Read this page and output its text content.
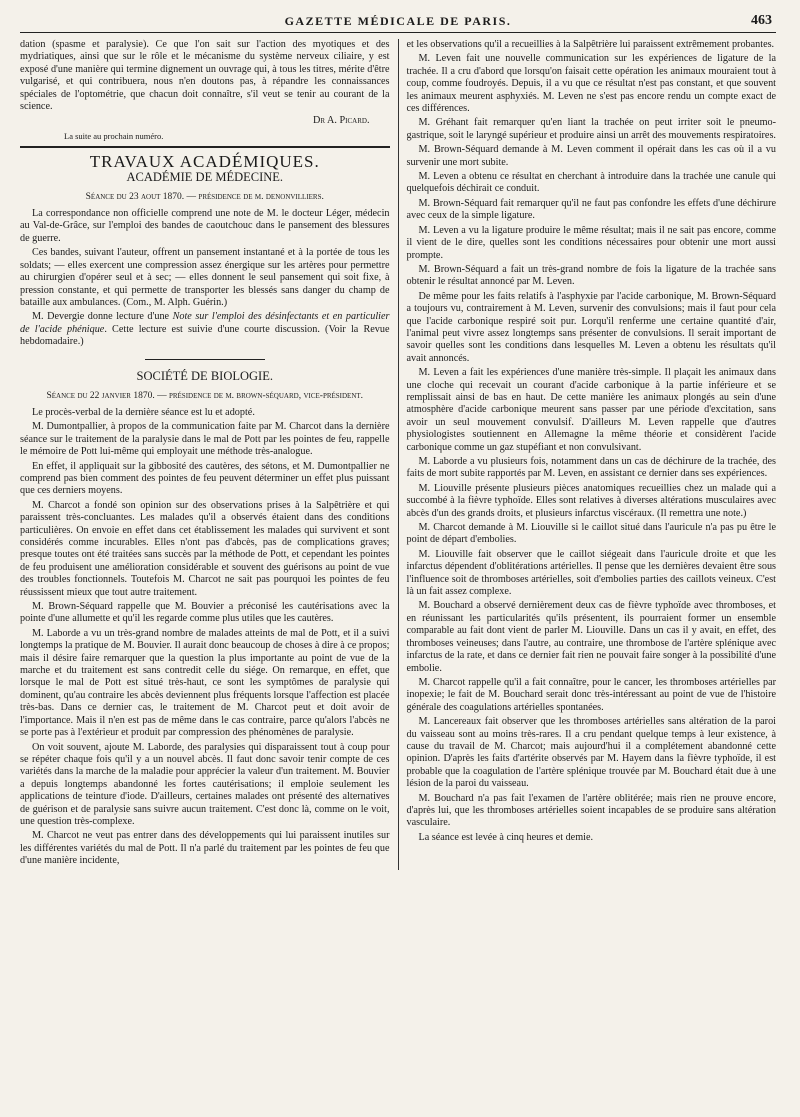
GAZETTE MÉDICALE DE PARIS.	463

dation (spasme et paralysie). Ce que l'on sait sur l'action des myotiques et des mydriatiques, ainsi que sur le rôle et le mécanisme du système nerveux ciliaire, y est exposé d'une manière qui termine dignement un ouvrage qui, à tous les titres, mérite d'être vulgarisé, et qui contribuera, nous n'en doutons pas, à répandre les connaissances spéciales de l'optométrie, que chacun doit connaître, s'il veut se tenir au courant de la science.

Dr A. Picard.
La suite au prochain numéro.
TRAVAUX ACADÉMIQUES.
ACADÉMIE DE MÉDECINE.
Séance du 23 aout 1870. — présidence de m. denonvilliers.

La correspondance non officielle comprend une note de M. le docteur Léger, médecin au Val-de-Grâce, sur l'emploi des bandes de caoutchouc dans le pansement des blessures de guerre.

Ces bandes, suivant l'auteur, offrent un pansement instantané et à la portée de tous les soldats; — elles exercent une compression assez énergique sur les artères pour permettre au chirurgien d'opérer seul et à sec; — elles donnent le seul pansement qui soit fixe, à pression constante, et qui permette de transporter les blessés sans danger du champ de bataille aux ambulances. (Com., M. Alph. Guérin.)

M. Devergie donne lecture d'une Note sur l'emploi des désinfectants et en particulier de l'acide phénique. Cette lecture est suivie d'une courte discussion. (Voir la Revue hebdomadaire.)

SOCIÉTÉ DE BIOLOGIE.
Séance du 22 janvier 1870. — présidence de m. brown-séquard, vice-président.

Le procès-verbal de la dernière séance est lu et adopté.

M. Dumontpallier, à propos de la communication faite par M. Charcot dans la dernière séance sur le traitement de la paralysie dans le mal de Pott par les pointes de feu, rappelle le mémoire de Pott lui-même qui employait une méthode très-analogue.

En effet, il appliquait sur la gibbosité des cautères, des sétons, et M. Dumontpallier ne comprend pas bien comment des pointes de feu peuvent déterminer un effet plus puissant que ces derniers moyens.

M. Charcot a fondé son opinion sur des observations prises à la Salpêtrière et qui paraissent très-concluantes. Les malades qu'il a observés étaient dans des conditions particulières. On envoie en effet dans cet établissement les malades qui survivent et sont considérés comme incurables. Elles n'ont pas d'abcès, pas de complications graves; presque toutes ont été traitées sans succès par la méthode de Pott, et cependant les pointes de feu produisent une amélioration considérable et souvent des guérisons au point de vue des troubles fonctionnels. Toutefois M. Charcot ne sait pas pourquoi les pointes de feu réussissent mieux que tout autre traitement.

M. Brown-Séquard rappelle que M. Bouvier a préconisé les cautérisations avec la pointe d'une allumette et qu'il les regarde comme plus utiles que les cautères.

M. Laborde a vu un très-grand nombre de malades atteints de mal de Pott, et il a suivi longtemps la pratique de M. Bouvier. Il aurait donc beaucoup de choses à dire à ce propos; mais il désire faire remarquer que la question la plus importante au point de vue de la marche et du traitement est sans contredit celle du siége. On remarque, en effet, que lorsque le mal de Pott est situé très-haut, ce sont les symptômes de paralysie qui dominent, qu'au contraire les abcès deviennent plus fréquents lorsque l'affection est placée très-bas. Dans ce dernier cas, le traitement de M. Charcot peut et doit avoir de l'importance. Mais il n'en est pas de même dans le cas contraire, parce qu'alors l'abcès ne se porte pas à l'extérieur et produit par compression des phénomènes de paralysie.

On voit souvent, ajoute M. Laborde, des paralysies qui disparaissent tout à coup pour se répéter chaque fois qu'il y a un nouvel abcès. Il faut donc savoir tenir compte de ces variétés dans la marche de la maladie pour apprécier la valeur d'un traitement. M. Bouvier a depuis longtemps abandonné les fortes cautérisations; il emploie seulement les applications de teinture d'iode. D'ailleurs, certaines malades ont présenté des alternatives de guérison et de paralysie sans suivre aucun traitement. C'est donc là, comme on le voit, une question très-complexe.

M. Charcot ne veut pas entrer dans des développements qui lui paraissent inutiles sur les différentes variétés du mal de Pott. Il n'a parlé du traitement par les pointes de feu que d'une manière incidente,

et les observations qu'il a recueillies à la Salpêtrière lui paraissent extrêmement probantes.

M. Leven fait une nouvelle communication sur les expériences de ligature de la trachée. Il a cru d'abord que lorsqu'on faisait cette opération les animaux mouraient tout à coup, comme foudroyés. Depuis, il a vu que ce résultat n'est pas constant, et que souvent les animaux meurent asphyxiés. M. Leven ne s'est pas encore rendu un compte exact de ces différences.

M. Gréhant fait remarquer qu'en liant la trachée on peut irriter soit le pneumo-gastrique, soit le laryngé supérieur et produire ainsi un arrêt des mouvements respiratoires.

M. Brown-Séquard demande à M. Leven comment il opérait dans les cas où il a vu survenir une mort subite.

M. Leven a obtenu ce résultat en cherchant à introduire dans la trachée une canule qui quelquefois déchirait ce conduit.

M. Brown-Séquard fait remarquer qu'il ne faut pas confondre les effets d'une déchirure avec ceux de la simple ligature.

M. Leven a vu la ligature produire le même résultat; mais il ne sait pas encore, comme il vient de le dire, quelles sont les conditions nécessaires pour obtenir une mort aussi prompte.

M. Brown-Séquard a fait un très-grand nombre de fois la ligature de la trachée sans obtenir le résultat annoncé par M. Leven.

De même pour les faits relatifs à l'asphyxie par l'acide carbonique, M. Brown-Séquard a toujours vu, contrairement à M. Leven, survenir des convulsions; mais il faut pour cela que l'acide carbonique respiré soit pur. Lorqu'il renferme une certaine quantité d'air, l'animal peut vivre assez longtemps sans présenter de convulsions. Il serait important de savoir quelles sont les conditions dans lesquelles M. Leven a obtenu les résultats qu'il avait annoncés.

M. Leven a fait les expériences d'une manière très-simple. Il plaçait les animaux dans une cloche qui recevait un courant d'acide carbonique à la partie inférieure et se remplissait ainsi de bas en haut. De cette manière les animaux plongés au sein d'une atmosphère d'acide carbonique meurent sans passer par une période d'excitation, sans avoir un seul mouvement convulsif. D'ailleurs M. Leven rappelle que d'autres physiologistes soutiennent en Allemagne la même théorie et considèrent l'acide carbonique comme un gaz stupéfiant et non convulsivant.

M. Laborde a vu plusieurs fois, notamment dans un cas de déchirure de la trachée, des faits de mort subite rapportés par M. Leven, en assistant ce dernier dans ses expériences.

M. Liouville présente plusieurs pièces anatomiques recueillies chez un malade qui a succombé à la fièvre typhoïde. Elles sont relatives à diverses altérations musculaires avec abcès d'un des grands droits, et plusieurs infarctus viscéraux. (Il remettra une note.)

M. Charcot demande à M. Liouville si le caillot situé dans l'auricule n'a pas pu être le point de départ d'embolies.

M. Liouville fait observer que le caillot siégeait dans l'auricule droite et que les infarctus dépendent d'oblitérations artérielles. Il pense que les dernières devaient être sous l'influence soit de thromboses artérielles, soit d'embolies parties des caillots veineux. C'est là un fait assez complexe.

M. Bouchard a observé dernièrement deux cas de fièvre typhoïde avec thromboses, et en réunissant les particularités qu'ils présentent, ils pourraient former un ensemble comparable au fait dont vient de parler M. Liouville. Dans un cas il y avait, en effet, des thromboses veineuses; dans l'autre, au contraire, une thrombose de l'artère splénique avec infarctus de la rate, et dans ce dernier fait rien ne pouvait faire songer à la possibilité d'une embolie.

M. Charcot rappelle qu'il a fait connaître, pour le cancer, les thromboses artérielles par inopexie; le fait de M. Bouchard serait donc très-intéressant au point de vue de l'histoire générale des coagulations artérielles spontanées.

M. Lancereaux fait observer que les thromboses artérielles sans altération de la paroi du vaisseau sont au moins très-rares. Il a cru pendant quelque temps à leur existence, à cause du travail de M. Charcot; mais aujourd'hui il a complétement abandonné cette opinion. D'après les faits d'artérite observés par M. Hayem dans la fièvre typhoïde, il est probable que la coagulation de l'artère splénique trouvée par M. Bouchard était due à une lésion de la paroi du vaisseau.

M. Bouchard n'a pas fait l'examen de l'artère oblitérée; mais rien ne prouve encore, d'après lui, que les thromboses artérielles soient incapables de se produire sans altération vasculaire.

La séance est levée à cinq heures et demie.
